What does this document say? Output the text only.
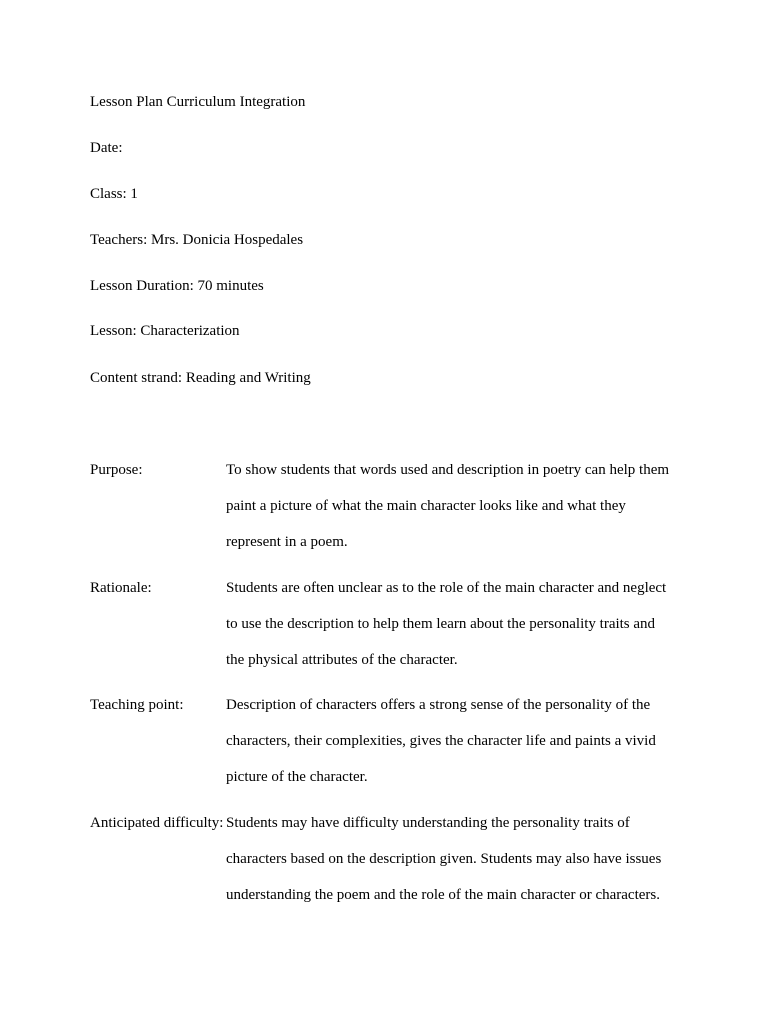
Lesson Plan Curriculum Integration
Date:
Class: 1
Teachers: Mrs. Donicia Hospedales
Lesson Duration: 70 minutes
Lesson: Characterization
Content strand: Reading and Writing
Purpose:	To show students that words used and description in poetry can help them
paint a picture of what the main character looks like and what they
represent in a poem.
Rationale:	Students are often unclear as to the role of the main character and neglect
to use the description to help them learn about the personality traits and
the physical attributes of the character.
Teaching point:	Description of characters offers a strong sense of the personality of the
characters, their complexities, gives the character life and paints a vivid
picture of the character.
Anticipated difficulty: Students may have difficulty understanding the personality traits of
characters based on the description given. Students may also have issues
understanding the poem and the role of the main character or characters.
